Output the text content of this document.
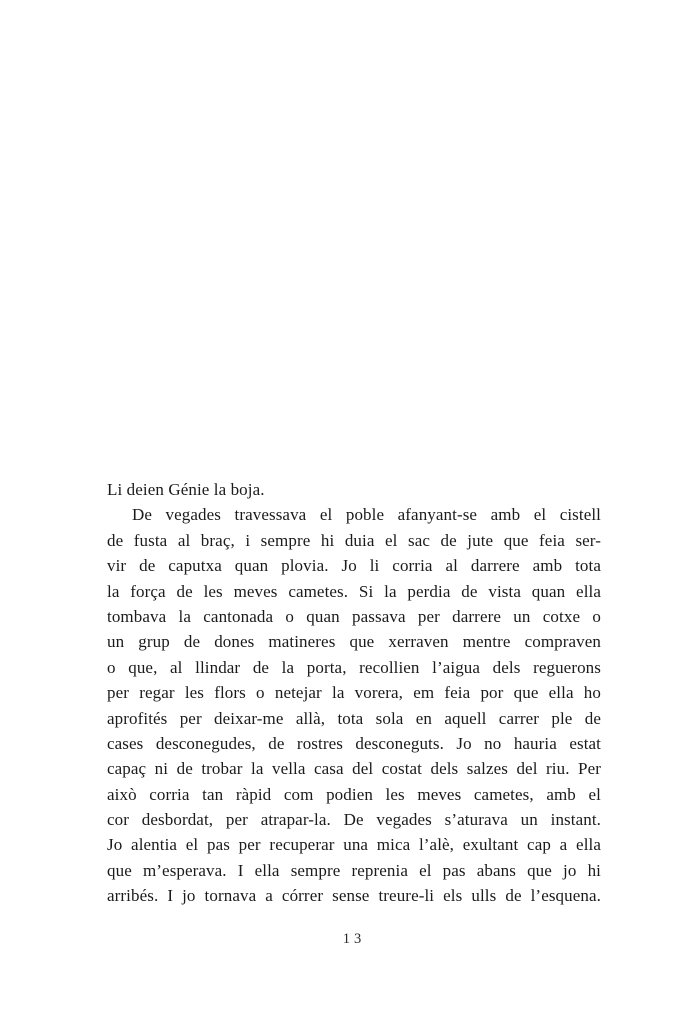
Li deien Génie la boja.
De vegades travessava el poble afanyant-se amb el cistell
de fusta al braç, i sempre hi duia el sac de jute que feia ser-
vir de caputxa quan plovia. Jo li corria al darrere amb tota
la força de les meves cametes. Si la perdia de vista quan ella
tombava la cantonada o quan passava per darrere un cotxe o
un grup de dones matineres que xerraven mentre compraven
o que, al llindar de la porta, recollien l’aigua dels reguerons
per regar les flors o netejar la vorera, em feia por que ella ho
aprofités per deixar-me allà, tota sola en aquell carrer ple de
cases desconegudes, de rostres desconeguts. Jo no hauria estat
capaç ni de trobar la vella casa del costat dels salzes del riu. Per
això corria tan ràpid com podien les meves cametes, amb el
cor desbordat, per atrapar-la. De vegades s’aturava un instant.
Jo alentia el pas per recuperar una mica l’alè, exultant cap a ella
que m’esperava. I ella sempre reprenia el pas abans que jo hi
arribés. I jo tornava a córrer sense treure-li els ulls de l’esquena.
13
